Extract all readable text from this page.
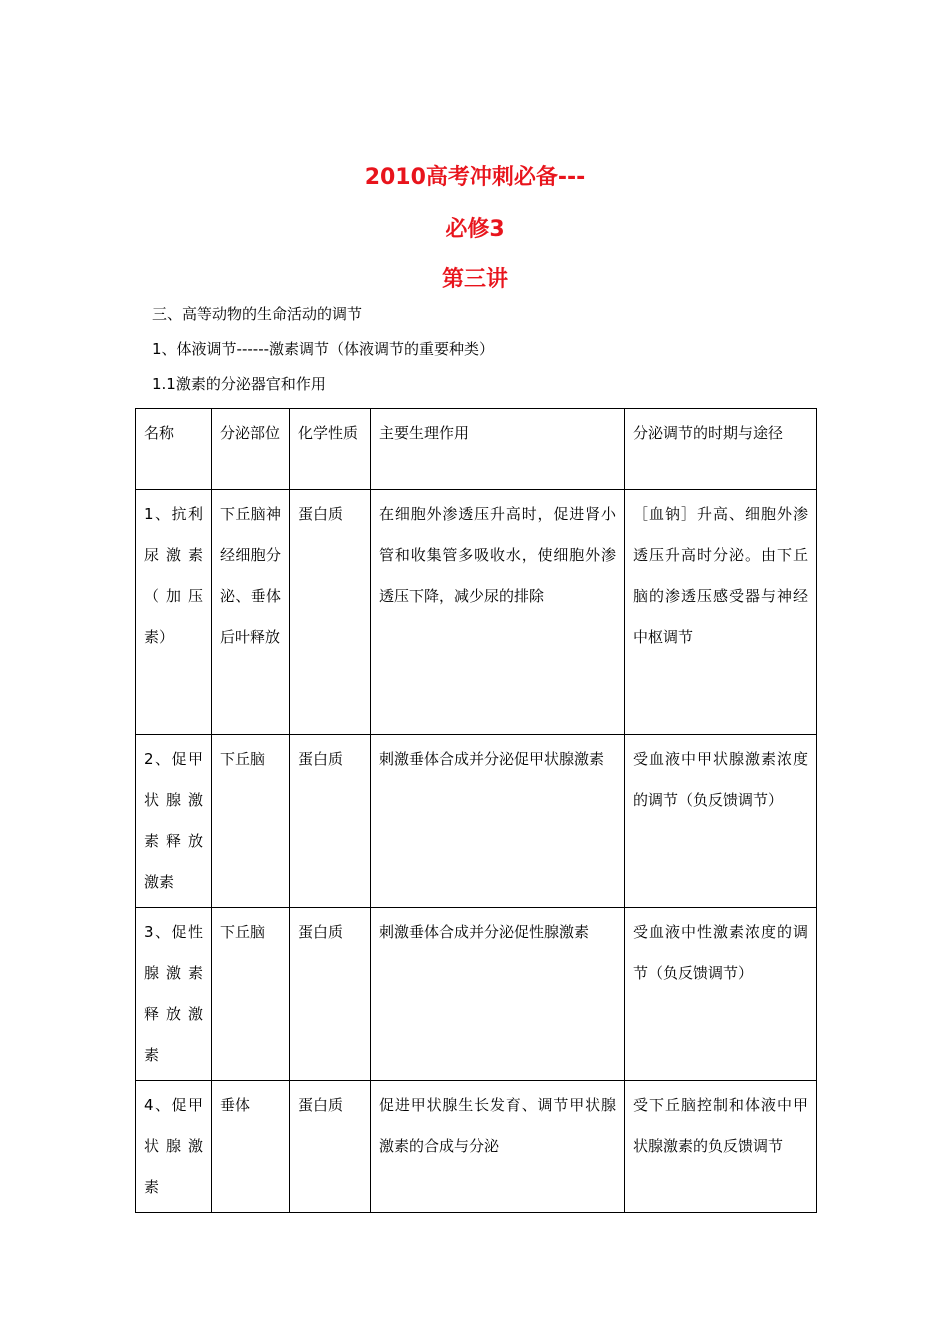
2010高考冲刺必备---
必修3
第三讲
三、高等动物的生命活动的调节
1、体液调节------激素调节（体液调节的重要种类）
1.1激素的分泌器官和作用
名称	分泌部位	化学性质	主要生理作用	分泌调节的时期与途径
1、抗利尿激素（加压素）	下丘脑神经细胞分泌、垂体后叶释放	蛋白质	在细胞外渗透压升高时，促进肾小管和收集管多吸收水，使细胞外渗透压下降，减少尿的排除	［血钠］升高、细胞外渗透压升高时分泌。由下丘脑的渗透压感受器与神经中枢调节
2、促甲状腺激素释放激素	下丘脑	蛋白质	刺激垂体合成并分泌促甲状腺激素	受血液中甲状腺激素浓度的调节（负反馈调节）
3、促性腺激素释放激素	下丘脑	蛋白质	刺激垂体合成并分泌促性腺激素	受血液中性激素浓度的调节（负反馈调节）
4、促甲状腺激素	垂体	蛋白质	促进甲状腺生长发育、调节甲状腺激素的合成与分泌	受下丘脑控制和体液中甲状腺激素的负反馈调节
